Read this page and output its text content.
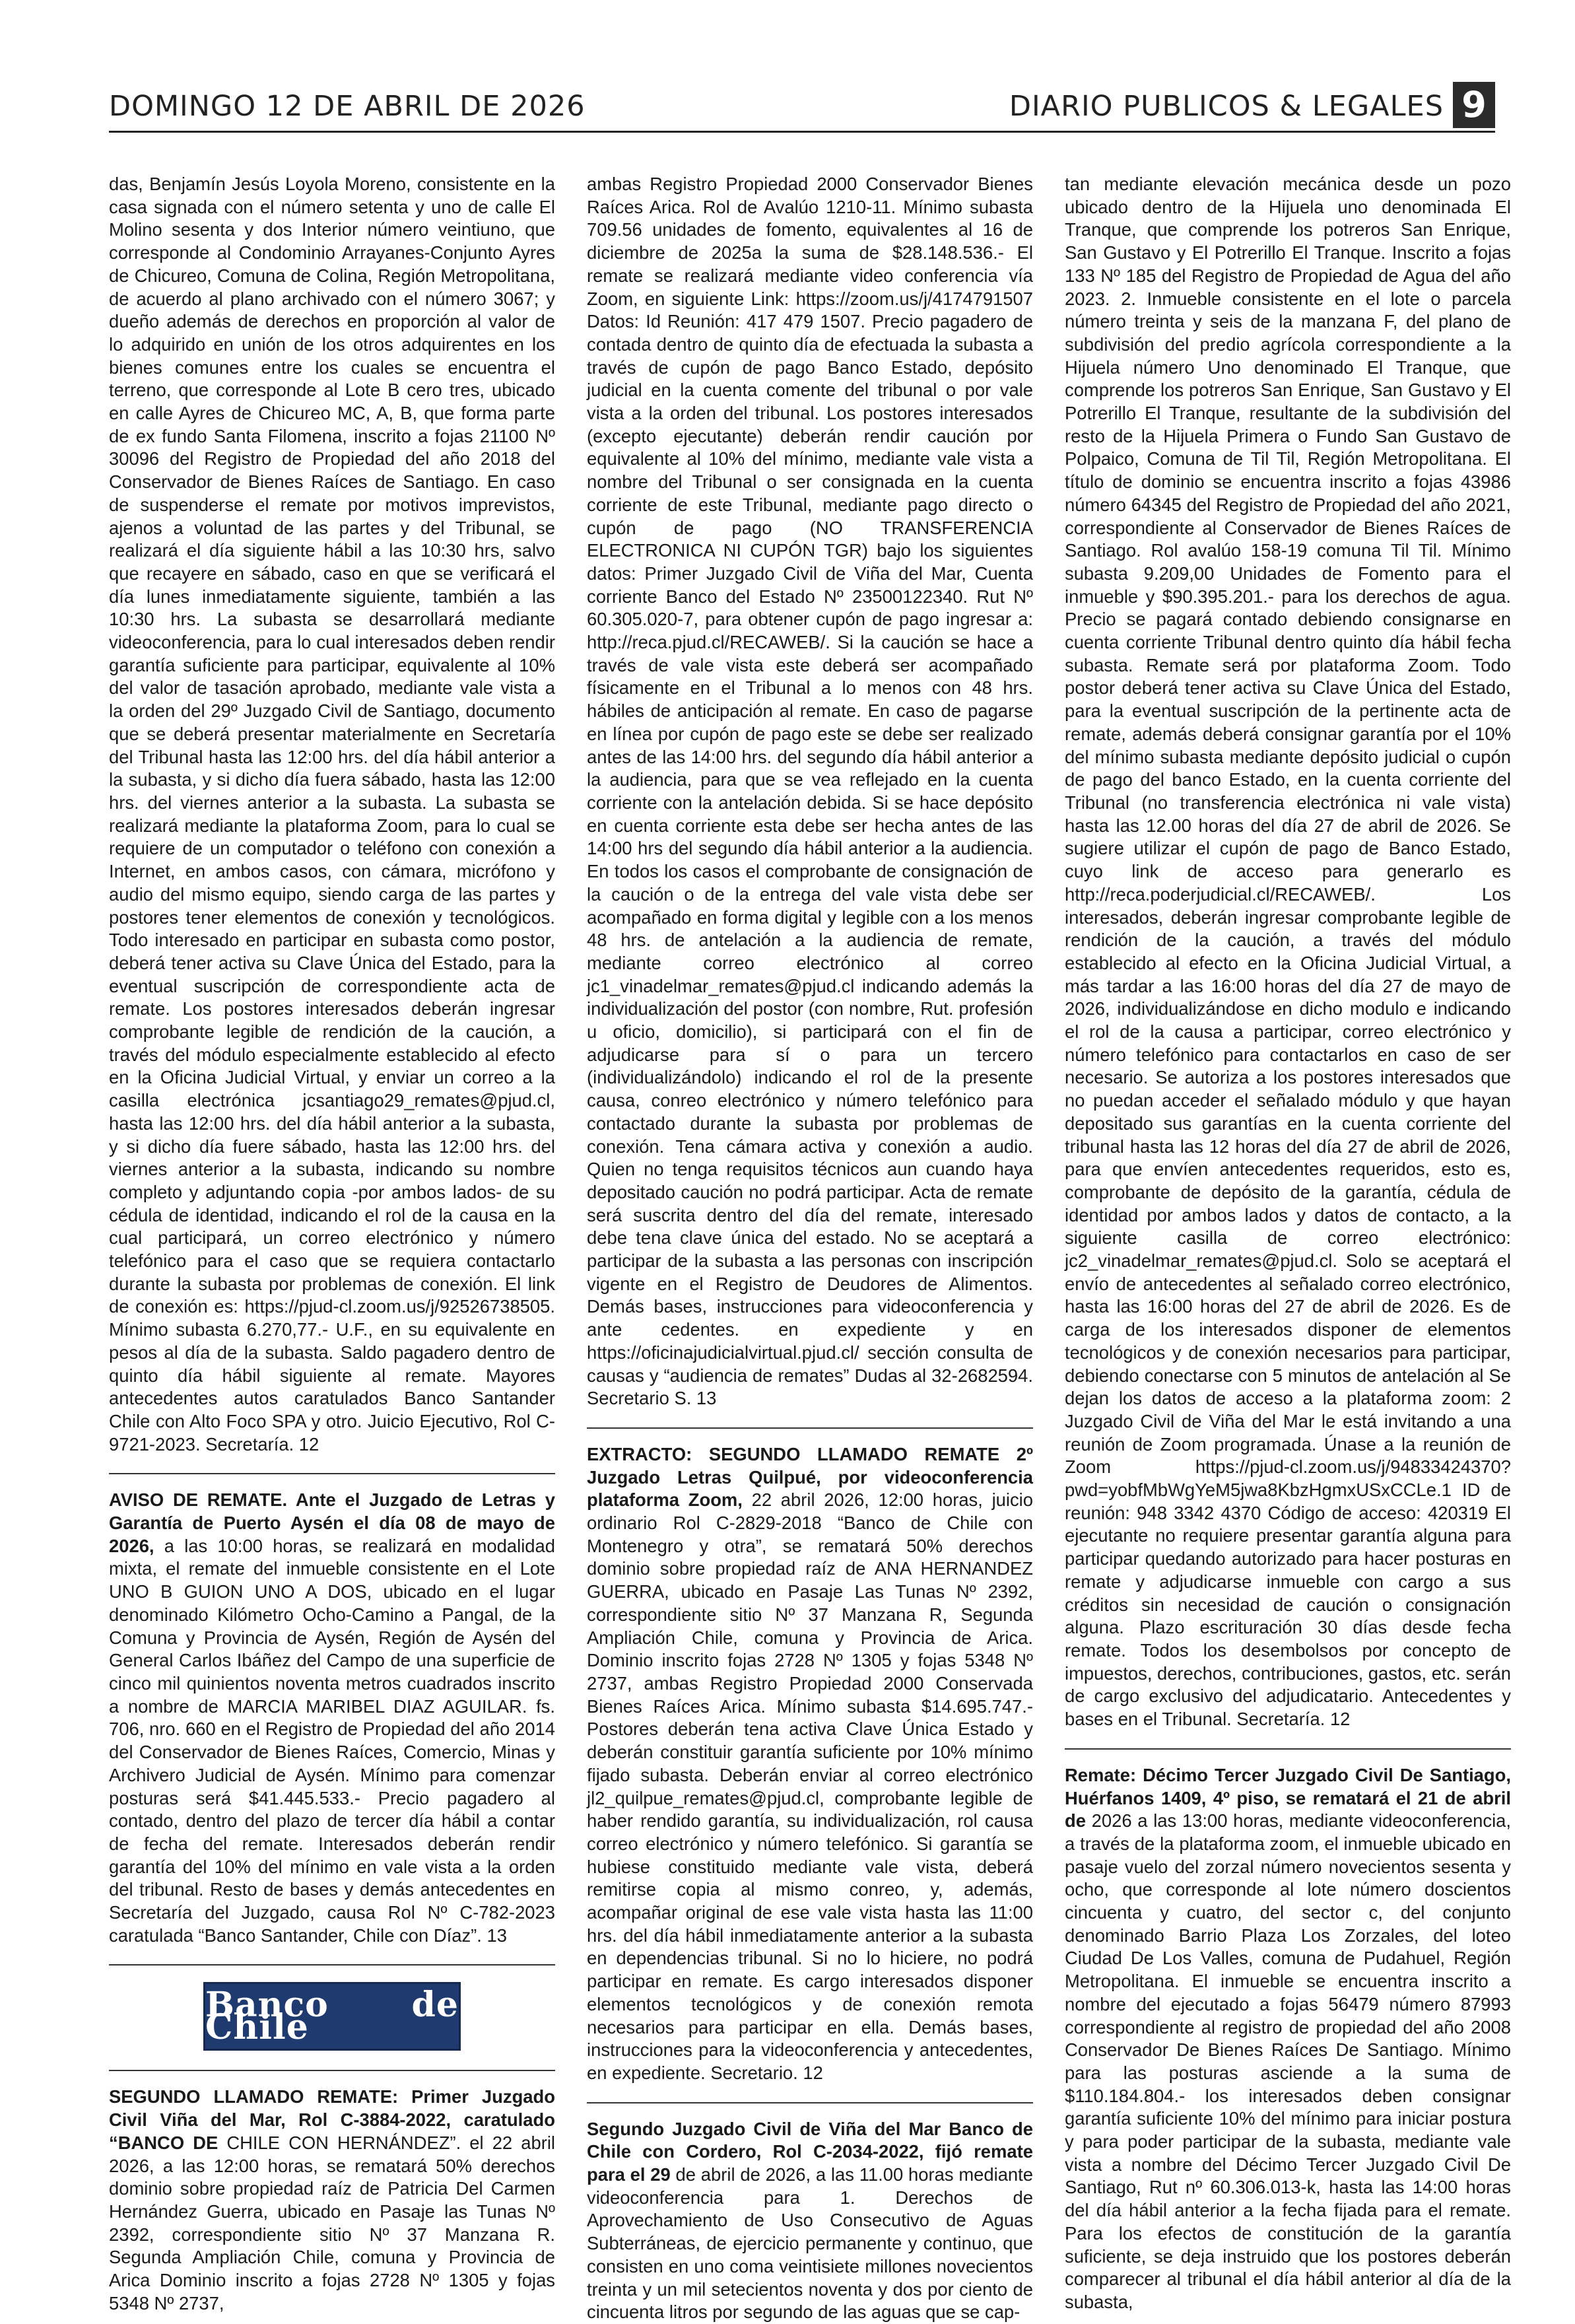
DOMINGO 12 DE ABRIL DE 2026	DIARIO PUBLICOS & LEGALES 9

das, Benjamín Jesús Loyola Moreno, consistente en la casa signada con el número setenta y uno de calle El Molino sesenta y dos Interior número veintiuno, que corresponde al Condominio Arrayanes-Conjunto Ayres de Chicureo, Comuna de Colina, Región Metropolitana, de acuerdo al plano archivado con el número 3067; y dueño además de derechos en proporción al valor de lo adquirido en unión de los otros adquirentes en los bienes comunes entre los cuales se encuentra el terreno, que corresponde al Lote B cero tres, ubicado en calle Ayres de Chicureo MC, A, B, que forma parte de ex fundo Santa Filomena, inscrito a fojas 21100 Nº 30096 del Registro de Propiedad del año 2018 del Conservador de Bienes Raíces de Santiago. En caso de suspenderse el remate por motivos imprevistos, ajenos a voluntad de las partes y del Tribunal, se realizará el día siguiente hábil a las 10:30 hrs, salvo que recayere en sábado, caso en que se verificará el día lunes inmediatamente siguiente, también a las 10:30 hrs. La subasta se desarrollará mediante videoconferencia, para lo cual interesados deben rendir garantía suficiente para participar, equivalente al 10% del valor de tasación aprobado, mediante vale vista a la orden del 29º Juzgado Civil de Santiago, documento que se deberá presentar materialmente en Secretaría del Tribunal hasta las 12:00 hrs. del día hábil anterior a la subasta, y si dicho día fuera sábado, hasta las 12:00 hrs. del viernes anterior a la subasta. La subasta se realizará mediante la plataforma Zoom, para lo cual se requiere de un computador o teléfono con conexión a Internet, en ambos casos, con cámara, micrófono y audio del mismo equipo, siendo carga de las partes y postores tener elementos de conexión y tecnológicos. Todo interesado en participar en subasta como postor, deberá tener activa su Clave Única del Estado, para la eventual suscripción de correspondiente acta de remate. Los postores interesados deberán ingresar comprobante legible de rendición de la caución, a través del módulo especialmente establecido al efecto en la Oficina Judicial Virtual, y enviar un correo a la casilla electrónica jcsantiago29_remates@pjud.cl, hasta las 12:00 hrs. del día hábil anterior a la subasta, y si dicho día fuere sábado, hasta las 12:00 hrs. del viernes anterior a la subasta, indicando su nombre completo y adjuntando copia -por ambos lados- de su cédula de identidad, indicando el rol de la causa en la cual participará, un correo electrónico y número telefónico para el caso que se requiera contactarlo durante la subasta por problemas de conexión. El link de conexión es: https://pjud-cl.zoom.us/j/92526738505. Mínimo subasta 6.270,77.- U.F., en su equivalente en pesos al día de la subasta. Saldo pagadero dentro de quinto día hábil siguiente al remate. Mayores antecedentes autos caratulados Banco Santander Chile con Alto Foco SPA y otro. Juicio Ejecutivo, Rol C-9721-2023. Secretaría. 12

AVISO DE REMATE. Ante el Juzgado de Letras y Garantía de Puerto Aysén el día 08 de mayo de 2026, a las 10:00 horas, se realizará en modalidad mixta, el remate del inmueble consistente en el Lote UNO B GUION UNO A DOS, ubicado en el lugar denominado Kilómetro Ocho-Camino a Pangal, de la Comuna y Provincia de Aysén, Región de Aysén del General Carlos Ibáñez del Campo de una superficie de cinco mil quinientos noventa metros cuadrados inscrito a nombre de MARCIA MARIBEL DIAZ AGUILAR. fs. 706, nro. 660 en el Registro de Propiedad del año 2014 del Conservador de Bienes Raíces, Comercio, Minas y Archivero Judicial de Aysén. Mínimo para comenzar posturas será $41.445.533.- Precio pagadero al contado, dentro del plazo de tercer día hábil a contar de fecha del remate. Interesados deberán rendir garantía del 10% del mínimo en vale vista a la orden del tribunal. Resto de bases y demás antecedentes en Secretaría del Juzgado, causa Rol Nº C-782-2023 caratulada “Banco Santander, Chile con Díaz”. 13

Banco de Chile

SEGUNDO LLAMADO REMATE: Primer Juzgado Civil Viña del Mar, Rol C-3884-2022, caratulado “BANCO DE CHILE CON HERNÁNDEZ”. el 22 abril 2026, a las 12:00 horas, se rematará 50% derechos dominio sobre propiedad raíz de Patricia Del Carmen Hernández Guerra, ubicado en Pasaje las Tunas Nº 2392, correspondiente sitio Nº 37 Manzana R. Segunda Ampliación Chile, comuna y Provincia de Arica Dominio inscrito a fojas 2728 Nº 1305 y fojas 5348 Nº 2737,

ambas Registro Propiedad 2000 Conservador Bienes Raíces Arica. Rol de Avalúo 1210-11. Mínimo subasta 709.56 unidades de fomento, equivalentes al 16 de diciembre de 2025a la suma de $28.148.536.- El remate se realizará mediante video conferencia vía Zoom, en siguiente Link: https://zoom.us/j/4174791507 Datos: Id Reunión: 417 479 1507. Precio pagadero de contada dentro de quinto día de efectuada la subasta a través de cupón de pago Banco Estado, depósito judicial en la cuenta comente del tribunal o por vale vista a la orden del tribunal. Los postores interesados (excepto ejecutante) deberán rendir caución por equivalente al 10% del mínimo, mediante vale vista a nombre del Tribunal o ser consignada en la cuenta corriente de este Tribunal, mediante pago directo o cupón de pago (NO TRANSFERENCIA ELECTRONICA NI CUPÓN TGR) bajo los siguientes datos: Primer Juzgado Civil de Viña del Mar, Cuenta corriente Banco del Estado Nº 23500122340. Rut Nº 60.305.020-7, para obtener cupón de pago ingresar a: http://reca.pjud.cl/RECAWEB/. Si la caución se hace a través de vale vista este deberá ser acompañado físicamente en el Tribunal a lo menos con 48 hrs. hábiles de anticipación al remate. En caso de pagarse en línea por cupón de pago este se debe ser realizado antes de las 14:00 hrs. del segundo día hábil anterior a la audiencia, para que se vea reflejado en la cuenta corriente con la antelación debida. Si se hace depósito en cuenta corriente esta debe ser hecha antes de las 14:00 hrs del segundo día hábil anterior a la audiencia. En todos los casos el comprobante de consignación de la caución o de la entrega del vale vista debe ser acompañado en forma digital y legible con a los menos 48 hrs. de antelación a la audiencia de remate, mediante correo electrónico al correo jc1_vinadelmar_remates@pjud.cl indicando además la individualización del postor (con nombre, Rut. profesión u oficio, domicilio), si participará con el fin de adjudicarse para sí o para un tercero (individualizándolo) indicando el rol de la presente causa, conreo electrónico y número telefónico para contactado durante la subasta por problemas de conexión. Tena cámara activa y conexión a audio. Quien no tenga requisitos técnicos aun cuando haya depositado caución no podrá participar. Acta de remate será suscrita dentro del día del remate, interesado debe tena clave única del estado. No se aceptará a participar de la subasta a las personas con inscripción vigente en el Registro de Deudores de Alimentos. Demás bases, instrucciones para videoconferencia y ante cedentes. en expediente y en https://oficinajudicialvirtual.pjud.cl/ sección consulta de causas y “audiencia de remates” Dudas al 32-2682594. Secretario S. 13

EXTRACTO: SEGUNDO LLAMADO REMATE 2º Juzgado Letras Quilpué, por videoconferencia plataforma Zoom, 22 abril 2026, 12:00 horas, juicio ordinario Rol C-2829-2018 “Banco de Chile con Montenegro y otra”, se rematará 50% derechos dominio sobre propiedad raíz de ANA HERNANDEZ GUERRA, ubicado en Pasaje Las Tunas Nº 2392, correspondiente sitio Nº 37 Manzana R, Segunda Ampliación Chile, comuna y Provincia de Arica. Dominio inscrito fojas 2728 Nº 1305 y fojas 5348 Nº 2737, ambas Registro Propiedad 2000 Conservada Bienes Raíces Arica. Mínimo subasta $14.695.747.- Postores deberán tena activa Clave Única Estado y deberán constituir garantía suficiente por 10% mínimo fijado subasta. Deberán enviar al correo electrónico jl2_quilpue_remates@pjud.cl, comprobante legible de haber rendido garantía, su individualización, rol causa correo electrónico y número telefónico. Si garantía se hubiese constituido mediante vale vista, deberá remitirse copia al mismo conreo, y, además, acompañar original de ese vale vista hasta las 11:00 hrs. del día hábil inmediatamente anterior a la subasta en dependencias tribunal. Si no lo hiciere, no podrá participar en remate. Es cargo interesados disponer elementos tecnológicos y de conexión remota necesarios para participar en ella. Demás bases, instrucciones para la videoconferencia y antecedentes, en expediente. Secretario. 12

Segundo Juzgado Civil de Viña del Mar Banco de Chile con Cordero, Rol C-2034-2022, fijó remate para el 29 de abril de 2026, a las 11.00 horas mediante videoconferencia para 1. Derechos de Aprovechamiento de Uso Consecutivo de Aguas Subterráneas, de ejercicio permanente y continuo, que consisten en uno coma veintisiete millones novecientos treinta y un mil setecientos noventa y dos por ciento de cincuenta litros por segundo de las aguas que se cap-

tan mediante elevación mecánica desde un pozo ubicado dentro de la Hijuela uno denominada El Tranque, que comprende los potreros San Enrique, San Gustavo y El Potrerillo El Tranque. Inscrito a fojas 133 Nº 185 del Registro de Propiedad de Agua del año 2023. 2. Inmueble consistente en el lote o parcela número treinta y seis de la manzana F, del plano de subdivisión del predio agrícola correspondiente a la Hijuela número Uno denominado El Tranque, que comprende los potreros San Enrique, San Gustavo y El Potrerillo El Tranque, resultante de la subdivisión del resto de la Hijuela Primera o Fundo San Gustavo de Polpaico, Comuna de Til Til, Región Metropolitana. El título de dominio se encuentra inscrito a fojas 43986 número 64345 del Registro de Propiedad del año 2021, correspondiente al Conservador de Bienes Raíces de Santiago. Rol avalúo 158-19 comuna Til Til. Mínimo subasta 9.209,00 Unidades de Fomento para el inmueble y $90.395.201.- para los derechos de agua. Precio se pagará contado debiendo consignarse en cuenta corriente Tribunal dentro quinto día hábil fecha subasta. Remate será por plataforma Zoom. Todo postor deberá tener activa su Clave Única del Estado, para la eventual suscripción de la pertinente acta de remate, además deberá consignar garantía por el 10% del mínimo subasta mediante depósito judicial o cupón de pago del banco Estado, en la cuenta corriente del Tribunal (no transferencia electrónica ni vale vista) hasta las 12.00 horas del día 27 de abril de 2026. Se sugiere utilizar el cupón de pago de Banco Estado, cuyo link de acceso para generarlo es http://reca.poderjudicial.cl/RECAWEB/. Los interesados, deberán ingresar comprobante legible de rendición de la caución, a través del módulo establecido al efecto en la Oficina Judicial Virtual, a más tardar a las 16:00 horas del día 27 de mayo de 2026, individualizándose en dicho modulo e indicando el rol de la causa a participar, correo electrónico y número telefónico para contactarlos en caso de ser necesario. Se autoriza a los postores interesados que no puedan acceder el señalado módulo y que hayan depositado sus garantías en la cuenta corriente del tribunal hasta las 12 horas del día 27 de abril de 2026, para que envíen antecedentes requeridos, esto es, comprobante de depósito de la garantía, cédula de identidad por ambos lados y datos de contacto, a la siguiente casilla de correo electrónico: jc2_vinadelmar_remates@pjud.cl. Solo se aceptará el envío de antecedentes al señalado correo electrónico, hasta las 16:00 horas del 27 de abril de 2026. Es de carga de los interesados disponer de elementos tecnológicos y de conexión necesarios para participar, debiendo conectarse con 5 minutos de antelación al Se dejan los datos de acceso a la plataforma zoom: 2 Juzgado Civil de Viña del Mar le está invitando a una reunión de Zoom programada. Únase a la reunión de Zoom https://pjud-cl.zoom.us/j/94833424370?pwd=yobfMbWgYeM5jwa8KbzHgmxUSxCCLe.1 ID de reunión: 948 3342 4370 Código de acceso: 420319 El ejecutante no requiere presentar garantía alguna para participar quedando autorizado para hacer posturas en remate y adjudicarse inmueble con cargo a sus créditos sin necesidad de caución o consignación alguna. Plazo escrituración 30 días desde fecha remate. Todos los desembolsos por concepto de impuestos, derechos, contribuciones, gastos, etc. serán de cargo exclusivo del adjudicatario. Antecedentes y bases en el Tribunal. Secretaría. 12

Remate: Décimo Tercer Juzgado Civil De Santiago, Huérfanos 1409, 4º piso, se rematará el 21 de abril de 2026 a las 13:00 horas, mediante videoconferencia, a través de la plataforma zoom, el inmueble ubicado en pasaje vuelo del zorzal número novecientos sesenta y ocho, que corresponde al lote número doscientos cincuenta y cuatro, del sector c, del conjunto denominado Barrio Plaza Los Zorzales, del loteo Ciudad De Los Valles, comuna de Pudahuel, Región Metropolitana. El inmueble se encuentra inscrito a nombre del ejecutado a fojas 56479 número 87993 correspondiente al registro de propiedad del año 2008 Conservador De Bienes Raíces De Santiago. Mínimo para las posturas asciende a la suma de $110.184.804.- los interesados deben consignar garantía suficiente 10% del mínimo para iniciar postura y para poder participar de la subasta, mediante vale vista a nombre del Décimo Tercer Juzgado Civil De Santiago, Rut nº 60.306.013-k, hasta las 14:00 horas del día hábil anterior a la fecha fijada para el remate. Para los efectos de constitución de la garantía suficiente, se deja instruido que los postores deberán comparecer al tribunal el día hábil anterior al día de la subasta,
